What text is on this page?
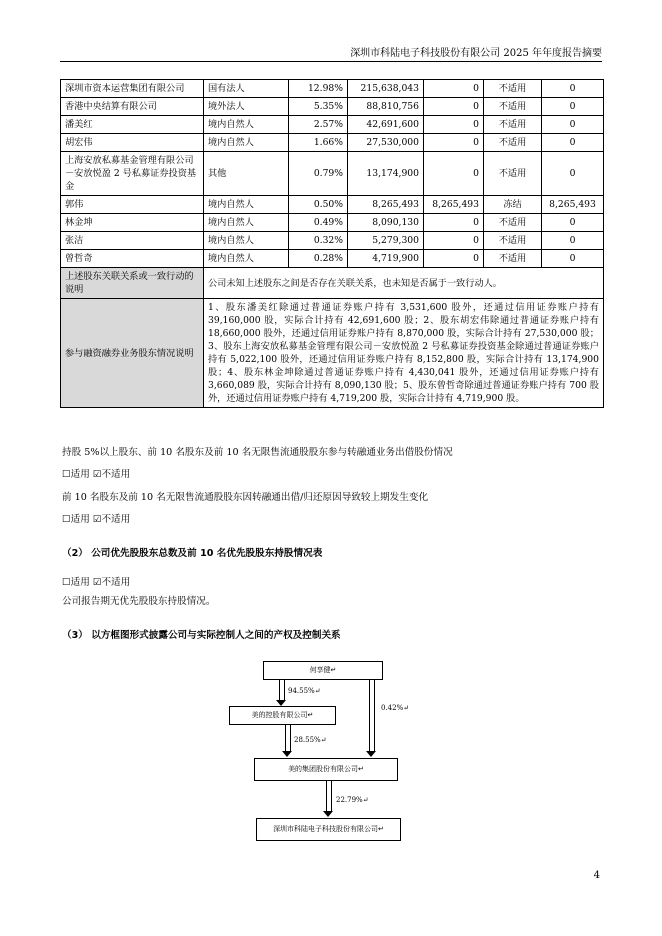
深圳市科陆电子科技股份有限公司 2025 年年度报告摘要
深圳市资本运营集团有限公司	国有法人	12.98%	215,638,043	0	不适用	0
香港中央结算有限公司	境外法人	5.35%	88,810,756	0	不适用	0
潘美红	境内自然人	2.57%	42,691,600	0	不适用	0
胡宏伟	境内自然人	1.66%	27,530,000	0	不适用	0
上海安放私募基金管理有限公司－安放悦盈 2 号私募证券投资基金	其他	0.79%	13,174,900	0	不适用	0
郭伟	境内自然人	0.50%	8,265,493	8,265,493	冻结	8,265,493
林金坤	境内自然人	0.49%	8,090,130	0	不适用	0
张洁	境内自然人	0.32%	5,279,300	0	不适用	0
曾哲奇	境内自然人	0.28%	4,719,900	0	不适用	0
上述股东关联关系或一致行动的说明	公司未知上述股东之间是否存在关联关系，也未知是否属于一致行动人。					
参与融资融券业务股东情况说明	1、股东潘美红除通过普通证券账户持有 3,531,600 股外，还通过信用证券账户持有 39,160,000 股，实际合计持有 42,691,600 股；2、股东胡宏伟除通过普通证券账户持有 18,660,000 股外，还通过信用证券账户持有 8,870,000 股，实际合计持有 27,530,000 股；3、股东上海安放私募基金管理有限公司－安放悦盈 2 号私募证券投资基金除通过普通证券账户持有 5,022,100 股外，还通过信用证券账户持有 8,152,800 股，实际合计持有 13,174,900 股；4、股东林金坤除通过普通证券账户持有 4,430,041 股外，还通过信用证券账户持有 3,660,089 股，实际合计持有 8,090,130 股；5、股东曾哲奇除通过普通证券账户持有 700 股外，还通过信用证券账户持有 4,719,200 股，实际合计持有 4,719,900 股。					
持股 5%以上股东、前 10 名股东及前 10 名无限售流通股股东参与转融通业务出借股份情况
☐适用 ☑不适用
前 10 名股东及前 10 名无限售流通股股东因转融通出借/归还原因导致较上期发生变化
☐适用 ☑不适用
（2） 公司优先股股东总数及前 10 名优先股股东持股情况表
☐适用 ☑不适用
公司报告期无优先股股东持股情况。
（3） 以方框图形式披露公司与实际控制人之间的产权及控制关系
何享健↵
美的控股有限公司↵
美的集团股份有限公司↵
深圳市科陆电子科技股份有限公司↵
94.55%↵
0.42%↵
28.55%↵
22.79%↵
4
